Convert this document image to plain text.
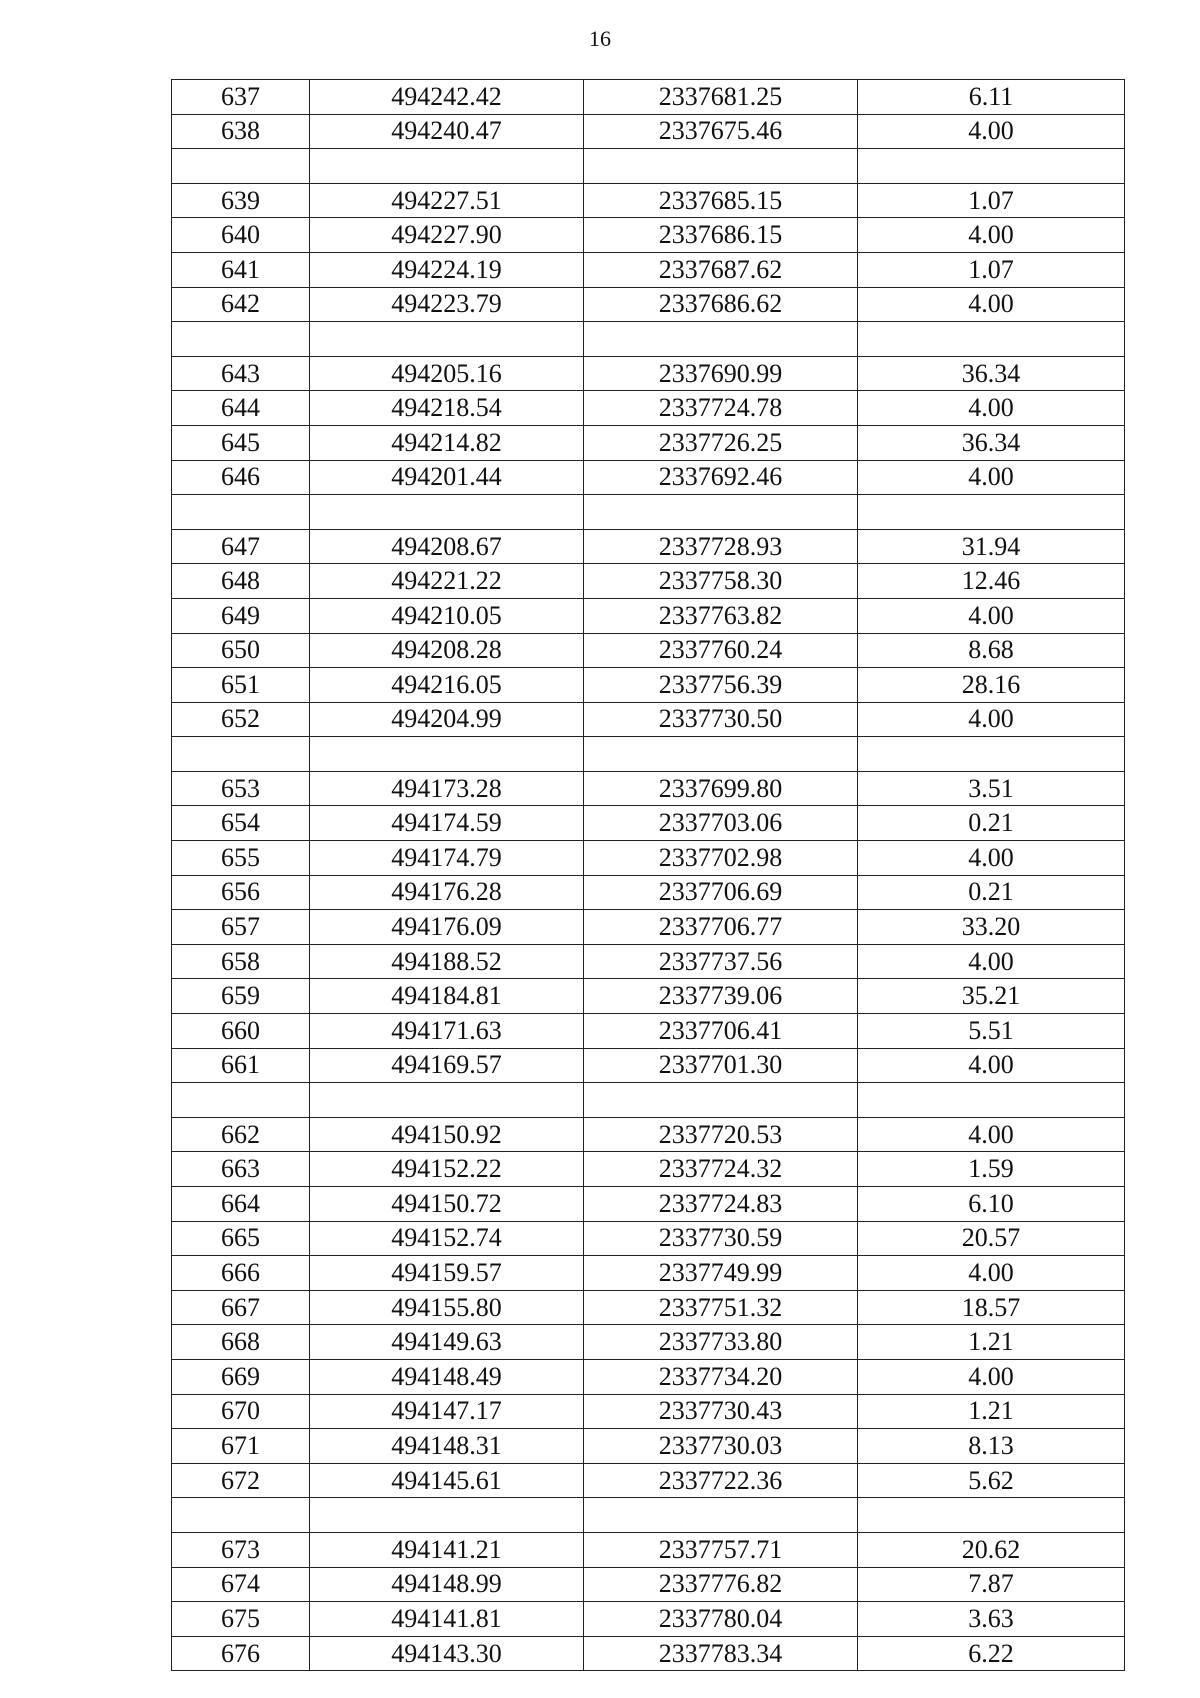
16
637	494242.42	2337681.25	6.11
638	494240.47	2337675.46	4.00

639	494227.51	2337685.15	1.07
640	494227.90	2337686.15	4.00
641	494224.19	2337687.62	1.07
642	494223.79	2337686.62	4.00

643	494205.16	2337690.99	36.34
644	494218.54	2337724.78	4.00
645	494214.82	2337726.25	36.34
646	494201.44	2337692.46	4.00

647	494208.67	2337728.93	31.94
648	494221.22	2337758.30	12.46
649	494210.05	2337763.82	4.00
650	494208.28	2337760.24	8.68
651	494216.05	2337756.39	28.16
652	494204.99	2337730.50	4.00

653	494173.28	2337699.80	3.51
654	494174.59	2337703.06	0.21
655	494174.79	2337702.98	4.00
656	494176.28	2337706.69	0.21
657	494176.09	2337706.77	33.20
658	494188.52	2337737.56	4.00
659	494184.81	2337739.06	35.21
660	494171.63	2337706.41	5.51
661	494169.57	2337701.30	4.00

662	494150.92	2337720.53	4.00
663	494152.22	2337724.32	1.59
664	494150.72	2337724.83	6.10
665	494152.74	2337730.59	20.57
666	494159.57	2337749.99	4.00
667	494155.80	2337751.32	18.57
668	494149.63	2337733.80	1.21
669	494148.49	2337734.20	4.00
670	494147.17	2337730.43	1.21
671	494148.31	2337730.03	8.13
672	494145.61	2337722.36	5.62

673	494141.21	2337757.71	20.62
674	494148.99	2337776.82	7.87
675	494141.81	2337780.04	3.63
676	494143.30	2337783.34	6.22
